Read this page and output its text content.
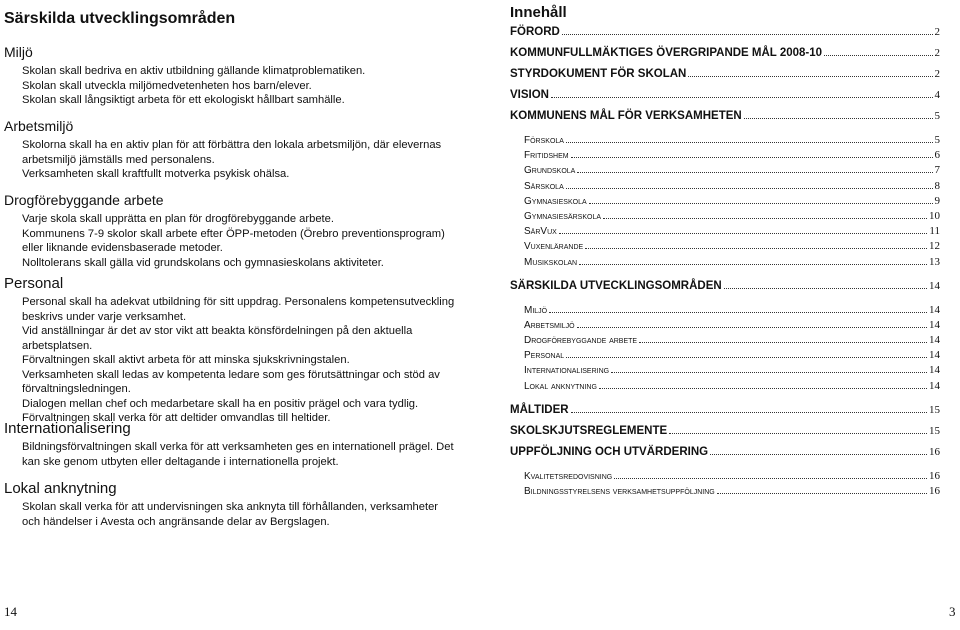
Särskilda utvecklingsområden
Miljö
Skolan skall bedriva en aktiv utbildning gällande klimatproblematiken.
Skolan skall utveckla miljömedvetenheten hos barn/elever.
Skolan skall långsiktigt arbeta för ett ekologiskt hållbart samhälle.
Arbetsmiljö
Skolorna skall ha en aktiv plan för att förbättra den lokala arbetsmiljön, där elevernas
arbetsmiljö jämställs med personalens.
Verksamheten skall kraftfullt motverka psykisk ohälsa.
Drogförebyggande arbete
Varje skola skall upprätta en plan för drogförebyggande arbete.
Kommunens 7-9 skolor skall arbete efter ÖPP-metoden (Örebro preventionsprogram)
eller liknande evidensbaserade metoder.
Nolltolerans skall gälla vid grundskolans och gymnasieskolans aktiviteter.
Personal
Personal skall ha adekvat utbildning för sitt uppdrag. Personalens kompetensutveckling
beskrivs under varje verksamhet.
Vid anställningar är det av stor vikt att beakta könsfördelningen på den aktuella
arbetsplatsen.
Förvaltningen skall aktivt arbeta för att minska sjukskrivningstalen.
Verksamheten skall ledas av kompetenta ledare som ges förutsättningar och stöd av
förvaltningsledningen.
Dialogen mellan chef och medarbetare skall ha en positiv prägel och vara tydlig.
Förvaltningen skall verka för att deltider omvandlas till heltider.
Internationalisering
Bildningsförvaltningen skall verka för att verksamheten ges en internationell prägel. Det
kan ske genom utbyten eller deltagande i internationella projekt.
Lokal anknytning
Skolan skall verka för att undervisningen ska anknyta till förhållanden, verksamheter
och händelser i Avesta och angränsande delar av Bergslagen.
14
Innehåll
FÖRORD	2
KOMMUNFULLMÄKTIGES ÖVERGRIPANDE MÅL 2008-10	2
STYRDOKUMENT FÖR SKOLAN	2
VISION	4
KOMMUNENS MÅL FÖR VERKSAMHETEN	5
Förskola	5
Fritidshem	6
Grundskola	7
Särskola	8
Gymnasieskola	9
Gymnasiesärskola	10
SärVux	11
Vuxenlärande	12
Musikskolan	13
SÄRSKILDA UTVECKLINGSOMRÅDEN	14
Miljö	14
Arbetsmiljö	14
Drogförebyggande arbete	14
Personal	14
Internationalisering	14
Lokal anknytning	14
MÅLTIDER	15
SKOLSKJUTSREGLEMENTE	15
UPPFÖLJNING OCH UTVÄRDERING	16
Kvalitetsredovisning	16
Bildningsstyrelsens verksamhetsuppföljning	16
3
